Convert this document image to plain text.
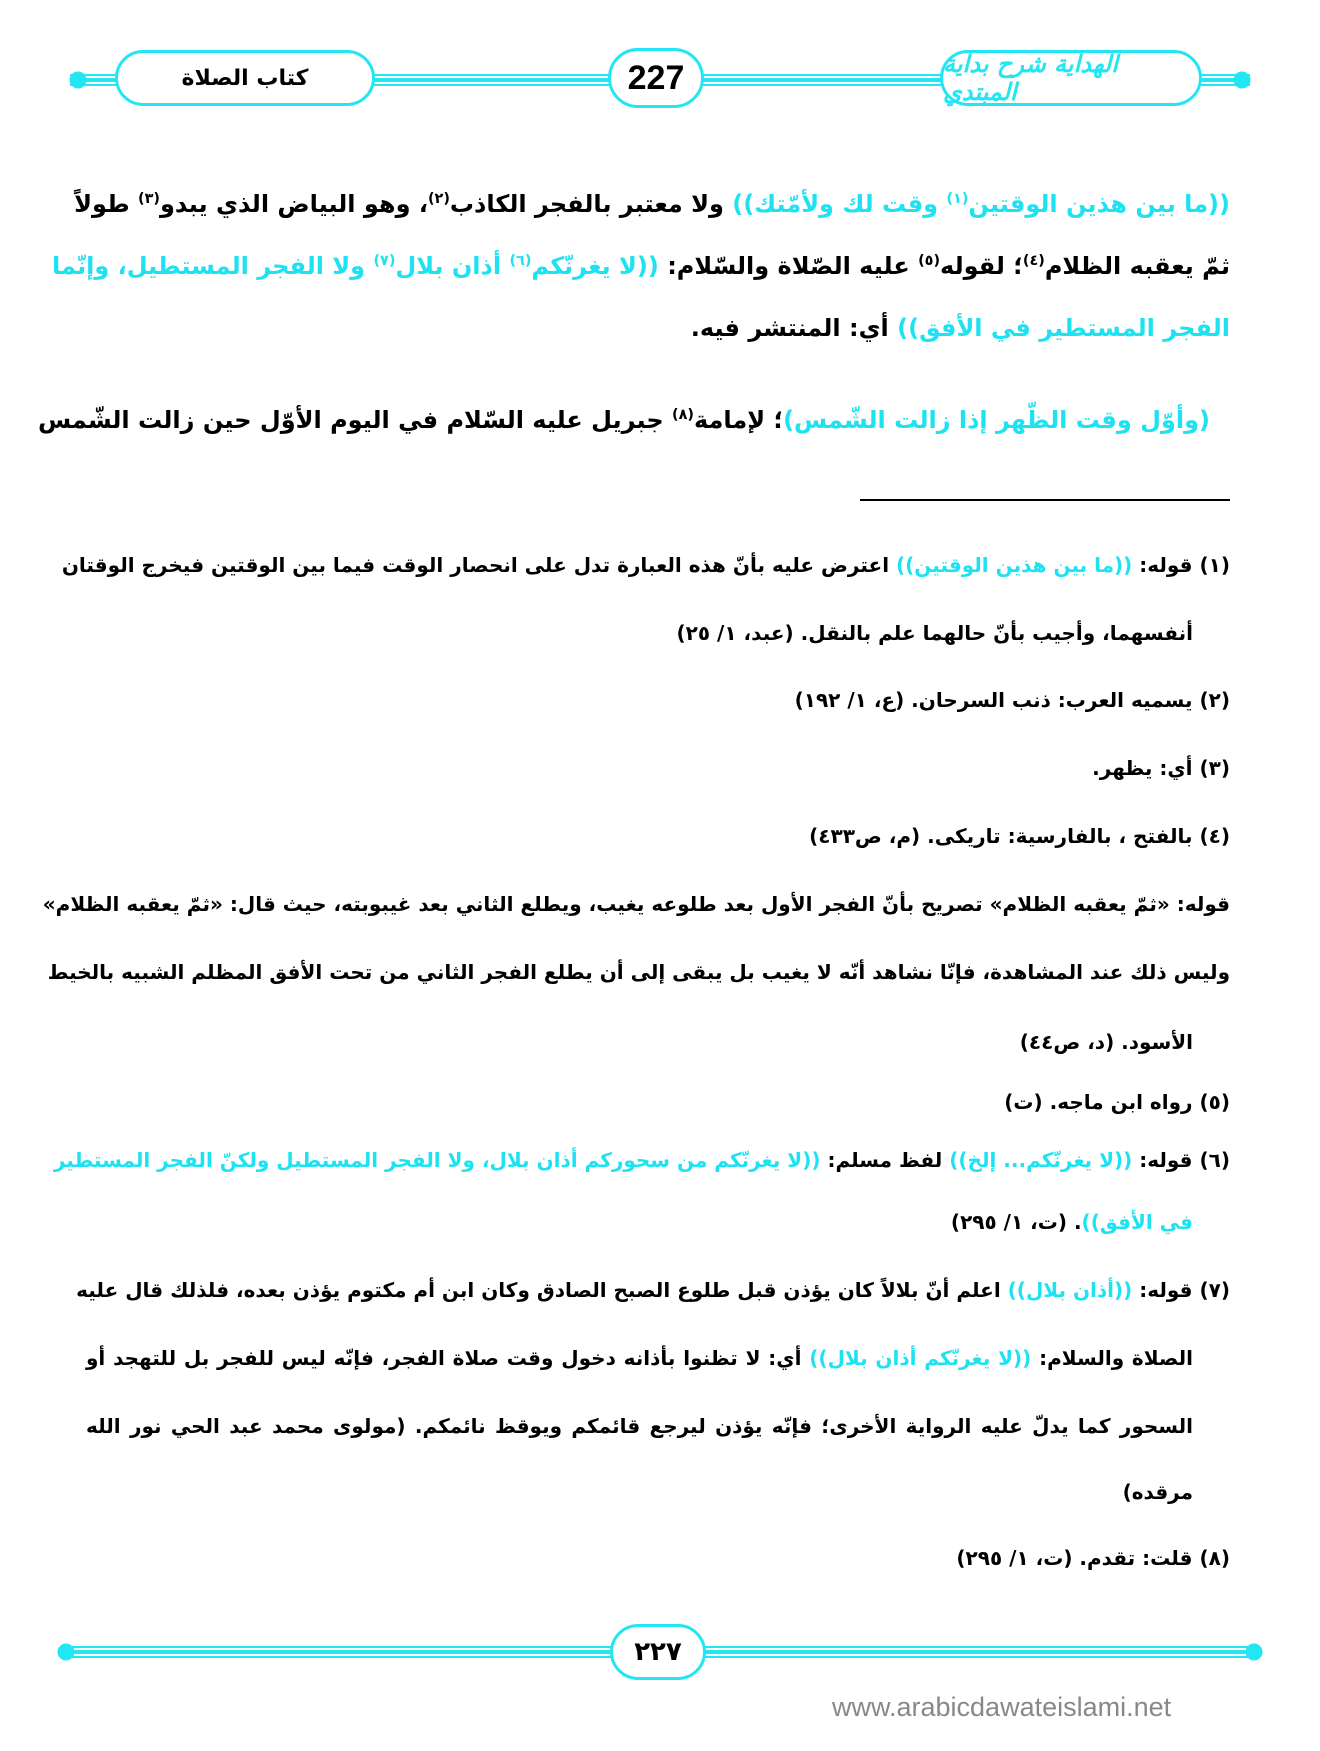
كتاب الصلاة	227	الهداية شرح بداية المبتدي
((ما بين هذين الوقتين$^{(١)}$ وقت لك ولأمّتك)) ولا معتبر بالفجر الكاذب$^{(٢)}$، وهو البياض الذي يبدو$^{(٣)}$ طولاً
ثمّ يعقبه الظلام$^{(٤)}$؛ لقوله$^{(٥)}$ عليه الصّلاة والسّلام: ((لا يغرنّكم$^{(٦)}$ أذان بلال$^{(٧)}$ ولا الفجر المستطيل، وإنّما
الفجر المستطير في الأفق)) أي: المنتشر فيه.
(وأوّل وقت الظّهر إذا زالت الشّمس)؛ لإمامة$^{(٨)}$ جبريل عليه السّلام في اليوم الأوّل حين زالت الشّمس
(١) قوله: ((ما بين هذين الوقتين)) اعترض عليه بأنّ هذه العبارة تدل على انحصار الوقت فيما بين الوقتين فيخرج الوقتان
أنفسهما، وأجيب بأنّ حالهما علم بالنقل. (عبد، ١/ ٢٥)
(٢) يسميه العرب: ذنب السرحان. (ع، ١/ ١٩٢)
(٣) أي: يظهر.
(٤) بالفتح ، بالفارسية: تاريكى. (م، ص٤٣٣)
قوله: «ثمّ يعقبه الظلام» تصريح بأنّ الفجر الأول بعد طلوعه يغيب، ويطلع الثاني بعد غيبوبته، حيث قال: «ثمّ يعقبه الظلام»
وليس ذلك عند المشاهدة، فإنّا نشاهد أنّه لا يغيب بل يبقى إلى أن يطلع الفجر الثاني من تحت الأفق المظلم الشبيه بالخيط
الأسود. (د، ص٤٤)
(٥) رواه ابن ماجه. (ت)
(٦) قوله: ((لا يغرنّكم... إلخ)) لفظ مسلم: ((لا يغرنّكم من سحوركم أذان بلال، ولا الفجر المستطيل ولكنّ الفجر المستطير
في الأفق)). (ت، ١/ ٢٩٥)
(٧) قوله: ((أذان بلال)) اعلم أنّ بلالاً كان يؤذن قبل طلوع الصبح الصادق وكان ابن أم مكتوم يؤذن بعده، فلذلك قال عليه
الصلاة والسلام: ((لا يغرنّكم أذان بلال)) أي: لا تظنوا بأذانه دخول وقت صلاة الفجر، فإنّه ليس للفجر بل للتهجد أو
السحور كما يدلّ عليه الرواية الأخرى؛ فإنّه يؤذن ليرجع قائمكم ويوقظ نائمكم. (مولوى محمد عبد الحي نور الله
مرقده)
(٨) قلت: تقدم. (ت، ١/ ٢٩٥)
٢٢٧
www.arabicdawateislami.net
